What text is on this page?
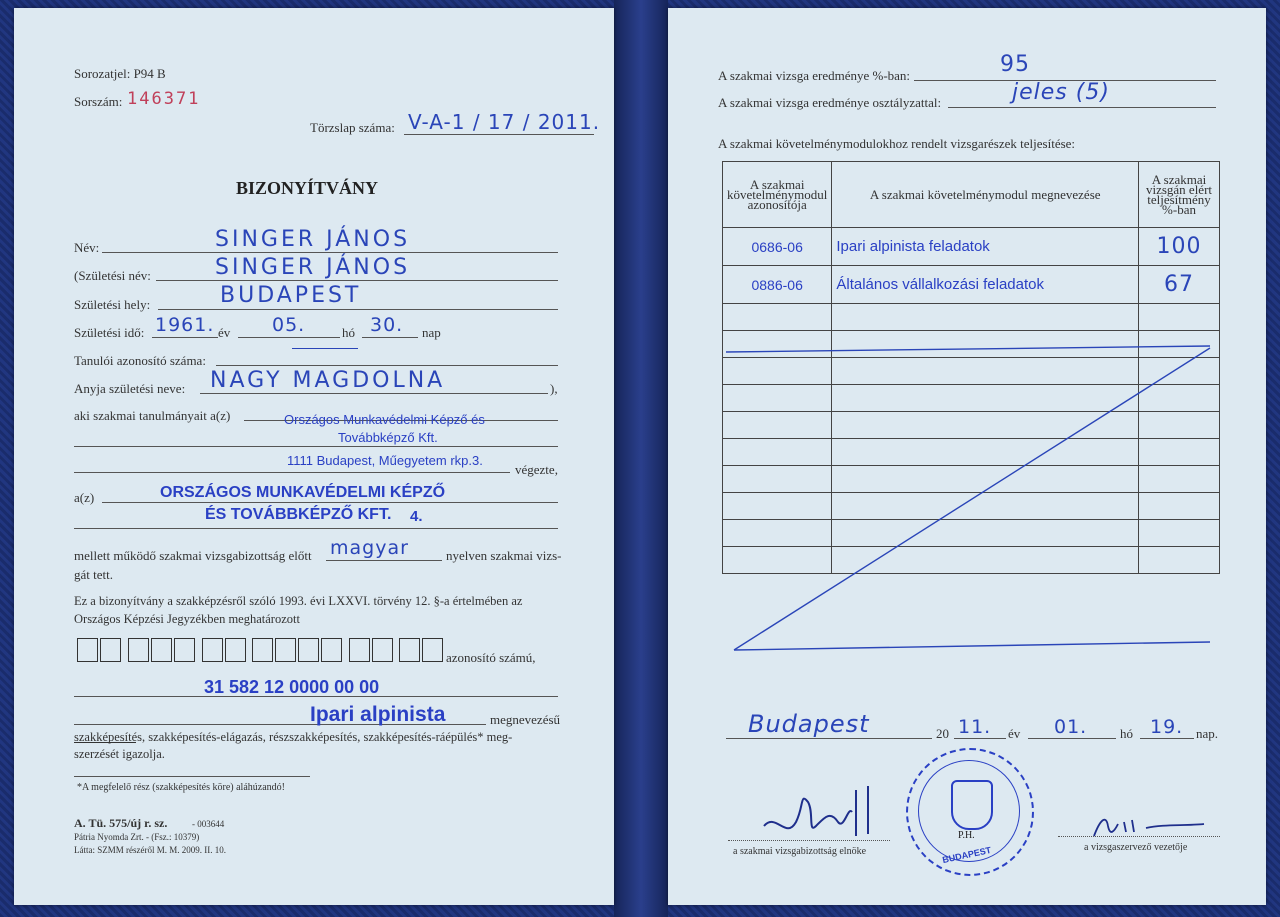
Sorozatjel: P94 B
Sorszám: 146371
Törzslap száma: V-A-1 / 17 / 2011.
BIZONYÍTVÁNY
Név:	SINGER JÁNOS
(Születési név:	SINGER JÁNOS
Születési hely:	BUDAPEST
Születési idő: 1961. év 05.	hó 30. nap
Tanulói azonosító száma:
Anyja születési neve: NAGY MAGDOLNA	),
aki szakmai tanulmányait a(z)	Országos Munkavédelmi Képző és
Továbbképző Kft.
1111 Budapest, Műegyetem rkp.3.
végezte,
a(z)	ORSZÁGOS MUNKAVÉDELMI KÉPZŐ
ÉS TOVÁBBKÉPZŐ KFT. 4.
mellett működő szakmai vizsgabizottság előtt magyar	nyelven szakmai vizs-
gát tett.
Ez a bizonyítvány a szakképzésről szóló 1993. évi LXXVI. törvény 12. §-a értelmében az
Országos Képzési Jegyzékben meghatározott
azonosító számú,
31 582 12 0000 00 00
Ipari alpinista	megnevezésű
szakképesítés, szakképesítés-elágazás, részszakképesítés, szakképesítés-ráépülés* meg-
szerzését igazolja.
*A megfelelő rész (szakképesítés köre) aláhúzandó!
A. Tü. 575/új r. sz.	- 003644
Pátria Nyomda Zrt. - (Fsz.: 10379)
Látta: SZMM részéről M. M. 2009. II. 10.
A szakmai vizsga eredménye %-ban:	95
A szakmai vizsga eredménye osztályzattal:	jeles (5)
A szakmai követelménymodulokhoz rendelt vizsgarészek teljesítése:
A szakmai követelménymodul azonosítója	A szakmai követelménymodul megnevezése	A szakmai vizsgán elért teljesítmény %-ban
0686-06	Ipari alpinista feladatok	100
0886-06	Általános vállalkozási feladatok	67

Budapest	20 11. év 01.	hó 19. nap.
a szakmai vizsgabizottság elnöke
P.H.
BUDAPEST	a vizsgaszervező vezetője
